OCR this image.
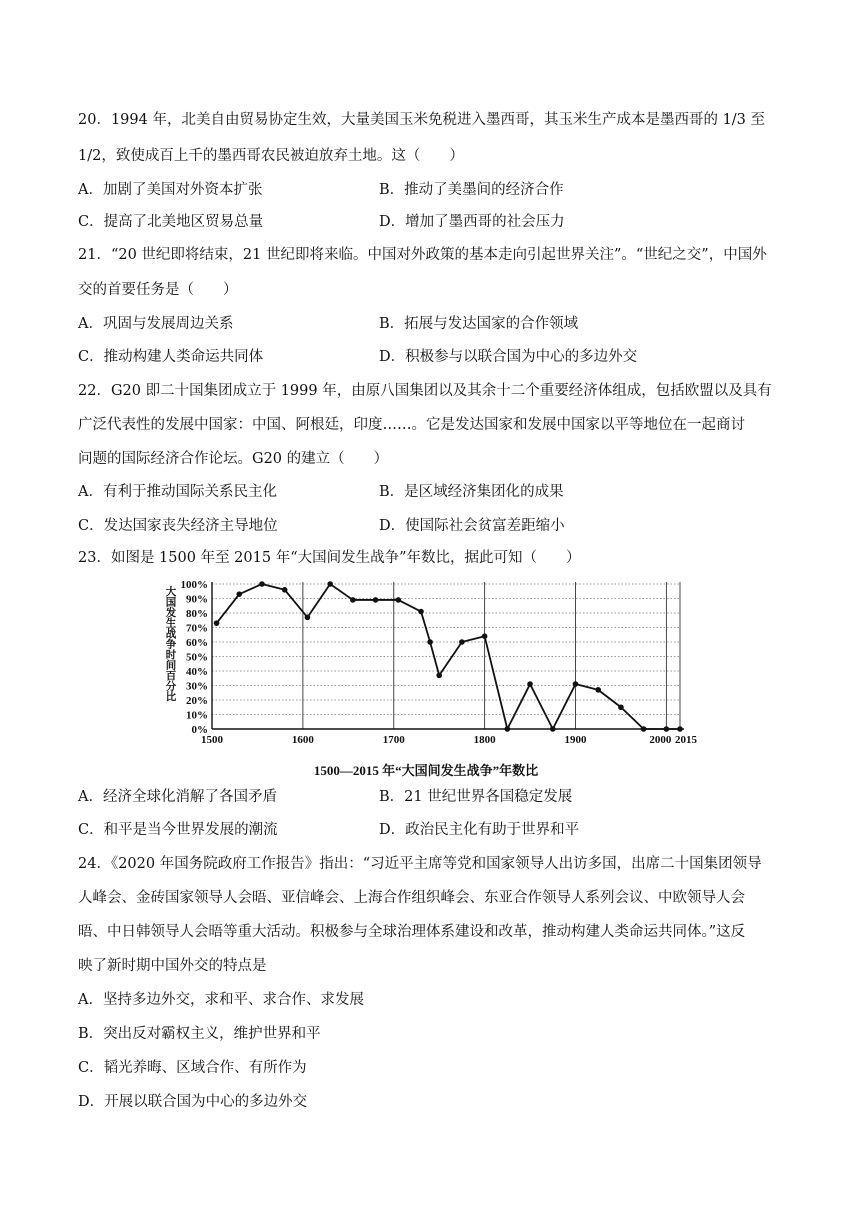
20．1994 年，北美自由贸易协定生效，大量美国玉米免税进入墨西哥，其玉米生产成本是墨西哥的 1/3 至
1/2，致使成百上千的墨西哥农民被迫放弃土地。这（　　）
A．加剧了美国对外资本扩张	B．推动了美墨间的经济合作
C．提高了北美地区贸易总量	D．增加了墨西哥的社会压力
21．“20 世纪即将结束，21 世纪即将来临。中国对外政策的基本走向引起世界关注”。“世纪之交”，中国外
交的首要任务是（　　）
A．巩固与发展周边关系	B．拓展与发达国家的合作领域
C．推动构建人类命运共同体	D．积极参与以联合国为中心的多边外交
22．G20 即二十国集团成立于 1999 年，由原八国集团以及其余十二个重要经济体组成，包括欧盟以及具有
广泛代表性的发展中国家：中国、阿根廷，印度……。它是发达国家和发展中国家以平等地位在一起商讨
问题的国际经济合作论坛。G20 的建立（　　）
A．有利于推动国际关系民主化	B．是区域经济集团化的成果
C．发达国家丧失经济主导地位	D．使国际社会贫富差距缩小
23．如图是 1500 年至 2015 年“大国间发生战争”年数比，据此可知（　　）
0%
10%
20%
30%
40%
50%
60%
70%
80%
90%
100%
1500	1600	1700	1800	1900	2000 2015
大国发生战争时间百分比
1500—2015 年“大国间发生战争”年数比
A．经济全球化消解了各国矛盾	B．21 世纪世界各国稳定发展
C．和平是当今世界发展的潮流	D．政治民主化有助于世界和平
24．《2020 年国务院政府工作报告》指出：“习近平主席等党和国家领导人出访多国，出席二十国集团领导
人峰会、金砖国家领导人会晤、亚信峰会、上海合作组织峰会、东亚合作领导人系列会议、中欧领导人会
晤、中日韩领导人会晤等重大活动。积极参与全球治理体系建设和改革，推动构建人类命运共同体。”这反
映了新时期中国外交的特点是
A．坚持多边外交，求和平、求合作、求发展
B．突出反对霸权主义，维护世界和平
C．韬光养晦、区域合作、有所作为
D．开展以联合国为中心的多边外交
